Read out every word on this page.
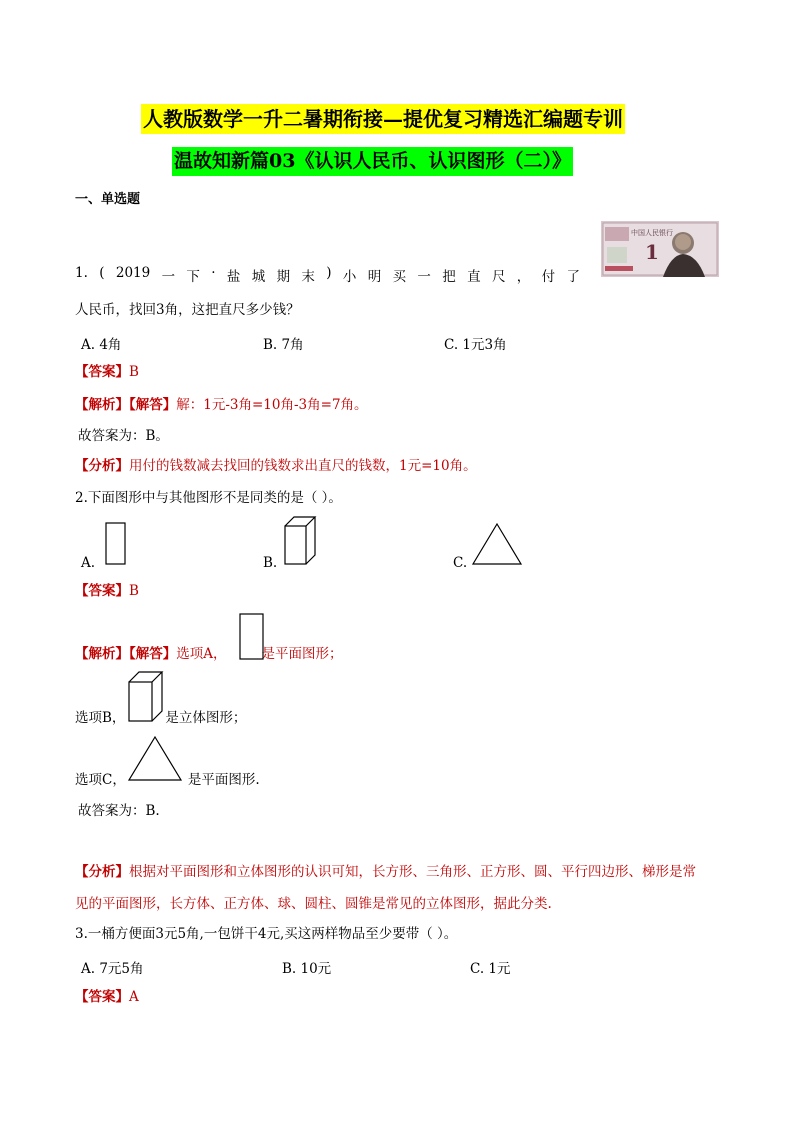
人教版数学一升二暑期衔接—提优复习精选汇编题专训
温故知新篇03《认识人民币、认识图形（二）》
一、单选题
1. ( 2019 一 下 · 盐 城 期 末 ) 小 明 买 一 把 直 尺 ， 付 了
中国人民银行
1
人民币，找回3角，这把直尺多少钱？
A. 4角	B. 7角	C. 1元3角
【答案】B
【解析】【解答】解：1元-3角=10角-3角=7角。
故答案为：B。
【分析】用付的钱数减去找回的钱数求出直尺的钱数，1元=10角。
2.下面图形中与其他图形不是同类的是（ ）。
A.	B.	C.
【答案】B
【解析】【解答】选项A，	是平面图形；
选项B，	是立体图形；
选项C，	是平面图形.
故答案为：B.
【分析】根据对平面图形和立体图形的认识可知，长方形、三角形、正方形、圆、平行四边形、梯形是常
见的平面图形，长方体、正方体、球、圆柱、圆锥是常见的立体图形，据此分类.
3.一桶方便面3元5角,一包饼干4元,买这两样物品至少要带（ ）。
A. 7元5角	B. 10元	C. 1元
【答案】A
